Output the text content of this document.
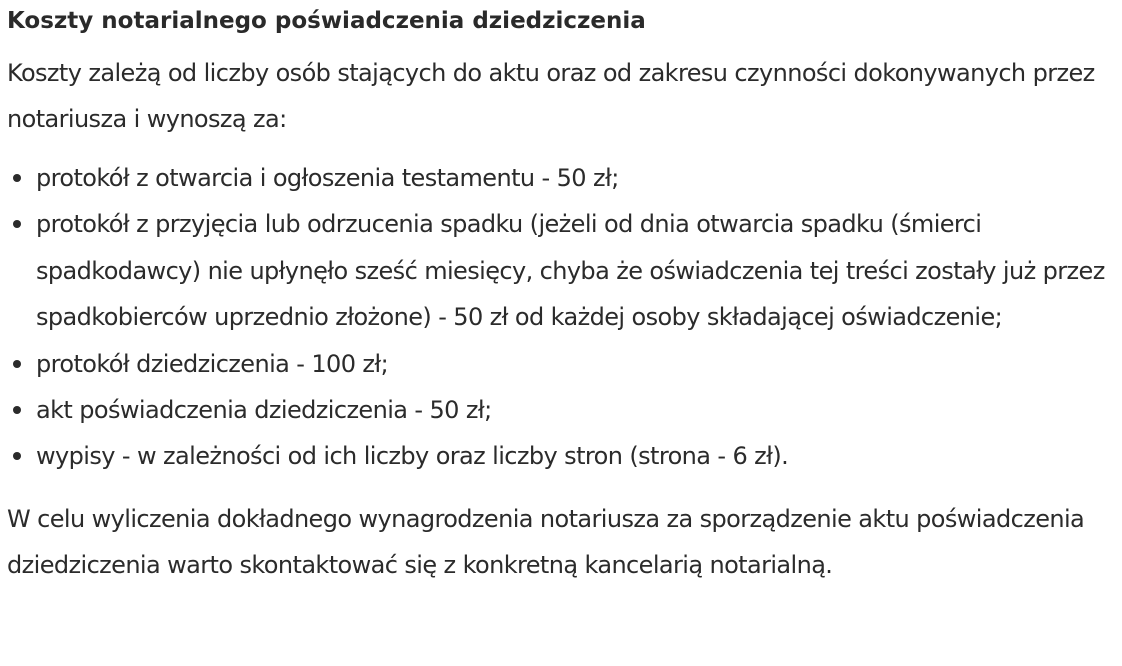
Koszty notarialnego poświadczenia dziedziczenia

Koszty zależą od liczby osób stających do aktu oraz od zakresu czynności dokonywanych przez notariusza i wynoszą za:

protokół z otwarcia i ogłoszenia testamentu - 50 zł;
protokół z przyjęcia lub odrzucenia spadku (jeżeli od dnia otwarcia spadku (śmierci spadkodawcy) nie upłynęło sześć miesięcy, chyba że oświadczenia tej treści zostały już przez spadkobierców uprzednio złożone) - 50 zł od każdej osoby składającej oświadczenie;
protokół dziedziczenia - 100 zł;
akt poświadczenia dziedziczenia - 50 zł;
wypisy - w zależności od ich liczby oraz liczby stron (strona - 6 zł).

W celu wyliczenia dokładnego wynagrodzenia notariusza za sporządzenie aktu poświadczenia dziedziczenia warto skontaktować się z konkretną kancelarią notarialną.
